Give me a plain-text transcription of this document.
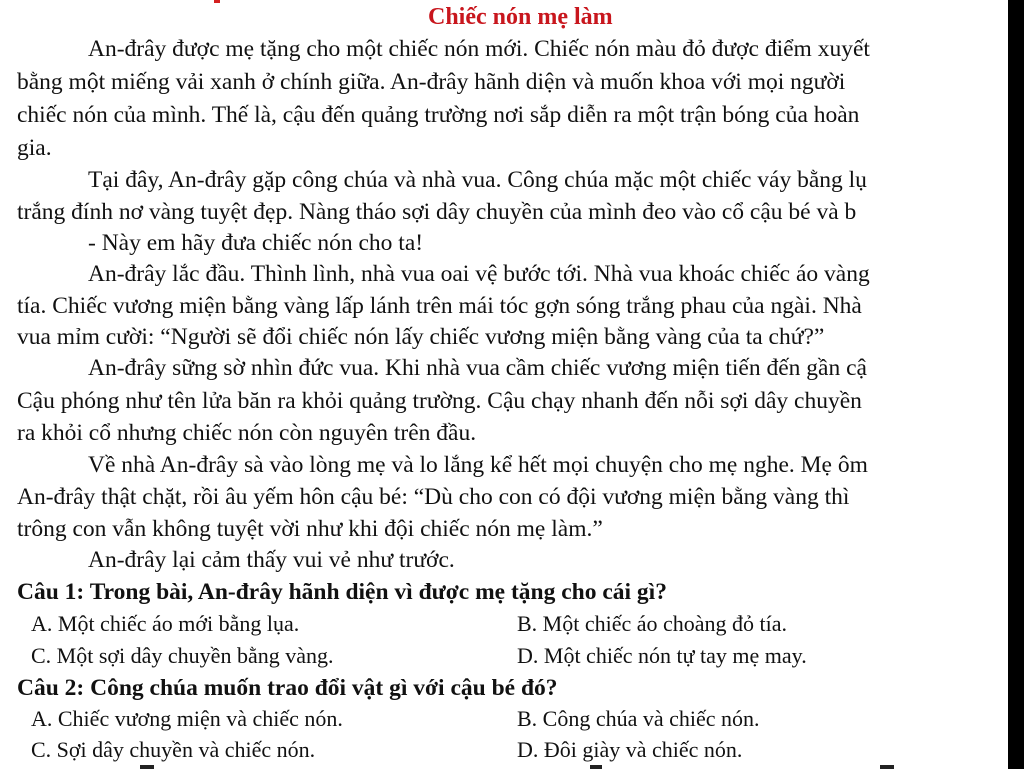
Chiếc nón mẹ làm
An-đrây được mẹ tặng cho một chiếc nón mới. Chiếc nón màu đỏ được điểm xuyết
bằng một miếng vải xanh ở chính giữa. An-đrây hãnh diện và muốn khoa với mọi người
chiếc nón của mình. Thế là, cậu đến quảng trường nơi sắp diễn ra một trận bóng của hoàn
gia.
Tại đây, An-đrây gặp công chúa và nhà vua. Công chúa mặc một chiếc váy bằng lụ
trắng đính nơ vàng tuyệt đẹp. Nàng tháo sợi dây chuyền của mình đeo vào cổ cậu bé và b
- Này em hãy đưa chiếc nón cho ta!
An-đrây lắc đầu. Thình lình, nhà vua oai vệ bước tới. Nhà vua khoác chiếc áo vàng
tía. Chiếc vương miện bằng vàng lấp lánh trên mái tóc gợn sóng trắng phau của ngài. Nhà
vua mỉm cười: “Người sẽ đổi chiếc nón lấy chiếc vương miện bằng vàng của ta chứ?”
An-đrây sững sờ nhìn đức vua. Khi nhà vua cầm chiếc vương miện tiến đến gần cậ
Cậu phóng như tên lửa băn ra khỏi quảng trường. Cậu chạy nhanh đến nỗi sợi dây chuyền
ra khỏi cổ nhưng chiếc nón còn nguyên trên đầu.
Về nhà An-đrây sà vào lòng mẹ và lo lắng kể hết mọi chuyện cho mẹ nghe. Mẹ ôm
An-đrây thật chặt, rồi âu yếm hôn cậu bé: “Dù cho con có đội vương miện bằng vàng thì
trông con vẫn không tuyệt vời như khi đội chiếc nón mẹ làm.”
An-đrây lại cảm thấy vui vẻ như trước.
Câu 1: Trong bài, An-đrây hãnh diện vì được mẹ tặng cho cái gì?
A. Một chiếc áo mới bằng lụa.	B. Một chiếc áo choàng đỏ tía.
C. Một sợi dây chuyền bằng vàng.	D. Một chiếc nón tự tay mẹ may.
Câu 2: Công chúa muốn trao đổi vật gì với cậu bé đó?
A. Chiếc vương miện và chiếc nón.	B. Công chúa và chiếc nón.
C. Sợi dây chuyền và chiếc nón.	D. Đôi giày và chiếc nón.
